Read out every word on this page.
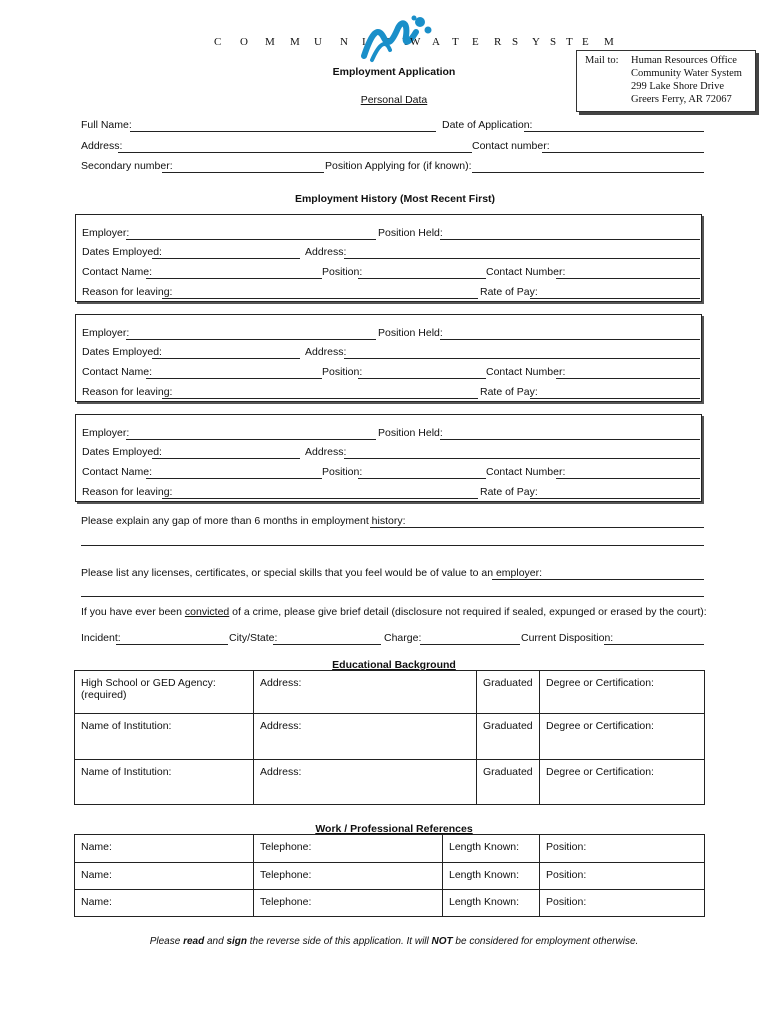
C O M M U N I T Y W A T E R S Y S T E M
Mail to: Human Resources Office
Community Water System
299 Lake Shore Drive
Greers Ferry, AR 72067
Employment Application
Personal Data
Full Name:	Date of Application:
Address:	Contact number:
Secondary number:	Position Applying for (if known):
Employment History (Most Recent First)
Employer:	Position Held:
Dates Employed:	Address:
Contact Name:	Position:	Contact Number:
Reason for leaving:	Rate of Pay:
Employer:	Position Held:
Dates Employed:	Address:
Contact Name:	Position:	Contact Number:
Reason for leaving:	Rate of Pay:
Employer:	Position Held:
Dates Employed:	Address:
Contact Name:	Position:	Contact Number:
Reason for leaving:	Rate of Pay:
Please explain any gap of more than 6 months in employment history:
Please list any licenses, certificates, or special skills that you feel would be of value to an employer:
If you have ever been convicted of a crime, please give brief detail (disclosure not required if sealed, expunged or erased by the court):
Incident:	City/State:	Charge:	Current Disposition:
Educational Background
High School or GED Agency: (required)	Address:	Graduated	Degree or Certification:
Name of Institution:	Address:	Graduated	Degree or Certification:
Name of Institution:	Address:	Graduated	Degree or Certification:
Work / Professional References
Name:	Telephone:	Length Known:	Position:
Name:	Telephone:	Length Known:	Position:
Name:	Telephone:	Length Known:	Position:
Please read and sign the reverse side of this application. It will NOT be considered for employment otherwise.
